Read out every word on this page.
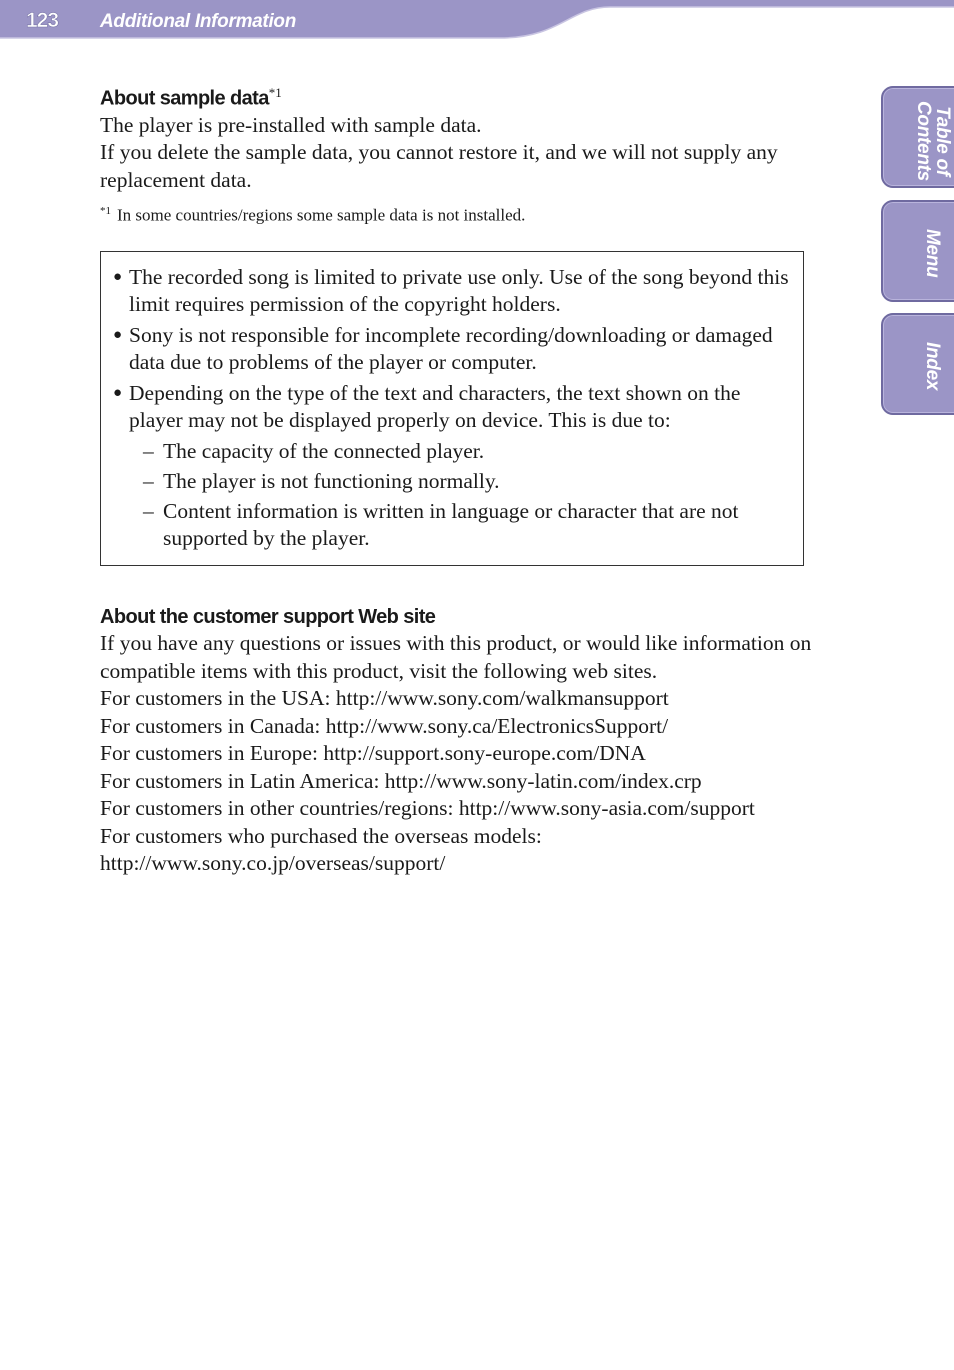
123 Additional Information
Table of
Contents
Menu
Index
About sample data$^{*1}$

The player is pre-installed with sample data.

If you delete the sample data, you cannot restore it, and we will not supply any replacement data.

$^{*1}$ In some countries/regions some sample data is not installed.
● The recorded song is limited to private use only. Use of the song beyond this limit requires permission of the copyright holders.
● Sony is not responsible for incomplete recording/downloading or damaged data due to problems of the player or computer.
● Depending on the type of the text and characters, the text shown on the player may not be displayed properly on device. This is due to:
– The capacity of the connected player.
– The player is not functioning normally.
– Content information is written in language or character that are not supported by the player.
About the customer support Web site

If you have any questions or issues with this product, or would like information on compatible items with this product, visit the following web sites.

For customers in the USA: http://www.sony.com/walkmansupport

For customers in Canada: http://www.sony.ca/ElectronicsSupport/

For customers in Europe: http://support.sony-europe.com/DNA

For customers in Latin America: http://www.sony-latin.com/index.crp

For customers in other countries/regions: http://www.sony-asia.com/support

For customers who purchased the overseas models:

http://www.sony.co.jp/overseas/support/
